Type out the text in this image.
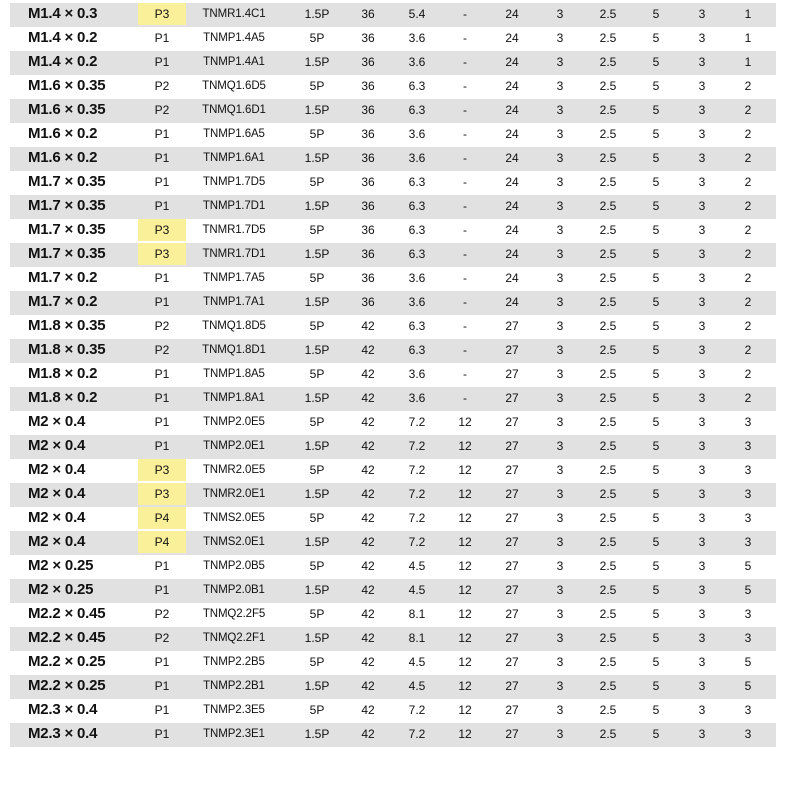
M1.4 × 0.3	P3	TNMR1.4C1	1.5P	36	5.4	-	24	3	2.5	5	3	1
M1.4 × 0.2	P1	TNMP1.4A5	5P	36	3.6	-	24	3	2.5	5	3	1
M1.4 × 0.2	P1	TNMP1.4A1	1.5P	36	3.6	-	24	3	2.5	5	3	1
M1.6 × 0.35	P2	TNMQ1.6D5	5P	36	6.3	-	24	3	2.5	5	3	2
M1.6 × 0.35	P2	TNMQ1.6D1	1.5P	36	6.3	-	24	3	2.5	5	3	2
M1.6 × 0.2	P1	TNMP1.6A5	5P	36	3.6	-	24	3	2.5	5	3	2
M1.6 × 0.2	P1	TNMP1.6A1	1.5P	36	3.6	-	24	3	2.5	5	3	2
M1.7 × 0.35	P1	TNMP1.7D5	5P	36	6.3	-	24	3	2.5	5	3	2
M1.7 × 0.35	P1	TNMP1.7D1	1.5P	36	6.3	-	24	3	2.5	5	3	2
M1.7 × 0.35	P3	TNMR1.7D5	5P	36	6.3	-	24	3	2.5	5	3	2
M1.7 × 0.35	P3	TNMR1.7D1	1.5P	36	6.3	-	24	3	2.5	5	3	2
M1.7 × 0.2	P1	TNMP1.7A5	5P	36	3.6	-	24	3	2.5	5	3	2
M1.7 × 0.2	P1	TNMP1.7A1	1.5P	36	3.6	-	24	3	2.5	5	3	2
M1.8 × 0.35	P2	TNMQ1.8D5	5P	42	6.3	-	27	3	2.5	5	3	2
M1.8 × 0.35	P2	TNMQ1.8D1	1.5P	42	6.3	-	27	3	2.5	5	3	2
M1.8 × 0.2	P1	TNMP1.8A5	5P	42	3.6	-	27	3	2.5	5	3	2
M1.8 × 0.2	P1	TNMP1.8A1	1.5P	42	3.6	-	27	3	2.5	5	3	2
M2 × 0.4	P1	TNMP2.0E5	5P	42	7.2	12	27	3	2.5	5	3	3
M2 × 0.4	P1	TNMP2.0E1	1.5P	42	7.2	12	27	3	2.5	5	3	3
M2 × 0.4	P3	TNMR2.0E5	5P	42	7.2	12	27	3	2.5	5	3	3
M2 × 0.4	P3	TNMR2.0E1	1.5P	42	7.2	12	27	3	2.5	5	3	3
M2 × 0.4	P4	TNMS2.0E5	5P	42	7.2	12	27	3	2.5	5	3	3
M2 × 0.4	P4	TNMS2.0E1	1.5P	42	7.2	12	27	3	2.5	5	3	3
M2 × 0.25	P1	TNMP2.0B5	5P	42	4.5	12	27	3	2.5	5	3	5
M2 × 0.25	P1	TNMP2.0B1	1.5P	42	4.5	12	27	3	2.5	5	3	5
M2.2 × 0.45	P2	TNMQ2.2F5	5P	42	8.1	12	27	3	2.5	5	3	3
M2.2 × 0.45	P2	TNMQ2.2F1	1.5P	42	8.1	12	27	3	2.5	5	3	3
M2.2 × 0.25	P1	TNMP2.2B5	5P	42	4.5	12	27	3	2.5	5	3	5
M2.2 × 0.25	P1	TNMP2.2B1	1.5P	42	4.5	12	27	3	2.5	5	3	5
M2.3 × 0.4	P1	TNMP2.3E5	5P	42	7.2	12	27	3	2.5	5	3	3
M2.3 × 0.4	P1	TNMP2.3E1	1.5P	42	7.2	12	27	3	2.5	5	3	3
